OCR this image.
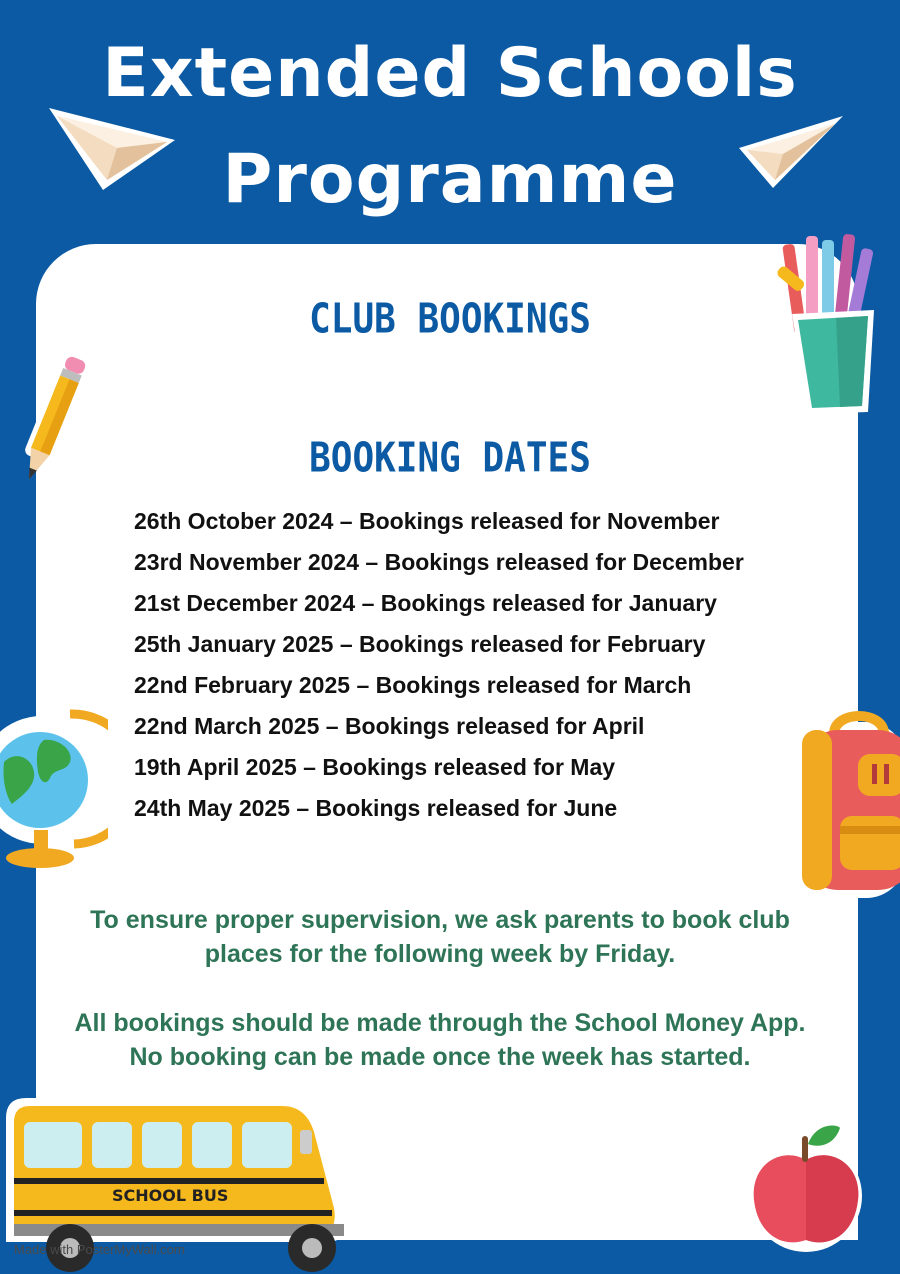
Extended Schools
Programme
CLUB BOOKINGS
BOOKING DATES
26th October 2024 – Bookings released for November
23rd November 2024 – Bookings released for December
21st December 2024 – Bookings released for January
25th January 2025 – Bookings released for February
22nd February 2025 – Bookings released for March
22nd March 2025 – Bookings released for April
19th April 2025 – Bookings released for May
24th May 2025 – Bookings released for June

To ensure proper supervision, we ask parents to book club places for the following week by Friday.

All bookings should be made through the School Money App. No booking can be made once the week has started.

SCHOOL BUS
Made with PosterMyWall.com
